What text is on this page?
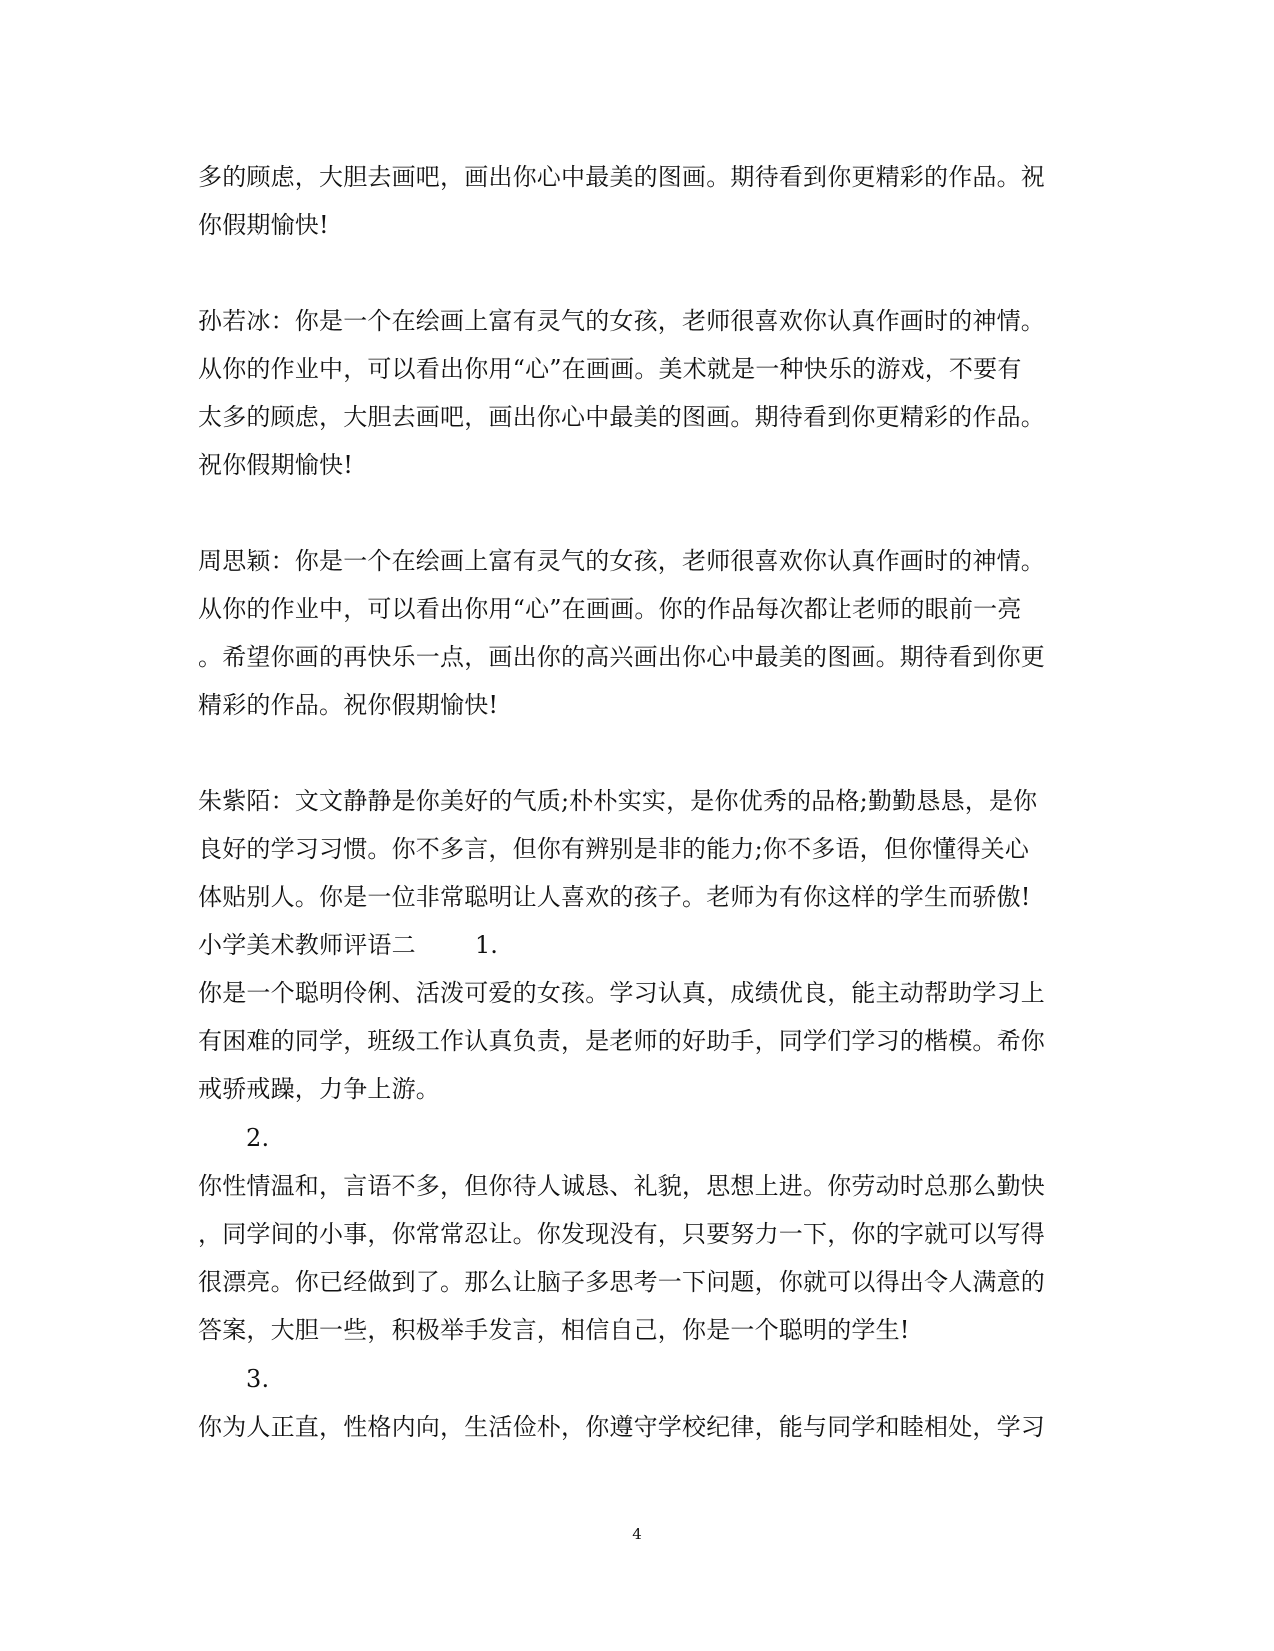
多的顾虑，大胆去画吧，画出你心中最美的图画。期待看到你更精彩的作品。祝
你假期愉快!
孙若冰：你是一个在绘画上富有灵气的女孩，老师很喜欢你认真作画时的神情。
从你的作业中，可以看出你用“心”在画画。美术就是一种快乐的游戏，不要有
太多的顾虑，大胆去画吧，画出你心中最美的图画。期待看到你更精彩的作品。
祝你假期愉快!
周思颖：你是一个在绘画上富有灵气的女孩，老师很喜欢你认真作画时的神情。
从你的作业中，可以看出你用“心”在画画。你的作品每次都让老师的眼前一亮
。希望你画的再快乐一点，画出你的高兴画出你心中最美的图画。期待看到你更
精彩的作品。祝你假期愉快!
朱紫陌：文文静静是你美好的气质;朴朴实实，是你优秀的品格;勤勤恳恳，是你
良好的学习习惯。你不多言，但你有辨别是非的能力;你不多语，但你懂得关心
体贴别人。你是一位非常聪明让人喜欢的孩子。老师为有你这样的学生而骄傲!
小学美术教师评语二	1.
你是一个聪明伶俐、活泼可爱的女孩。学习认真，成绩优良，能主动帮助学习上
有困难的同学，班级工作认真负责，是老师的好助手，同学们学习的楷模。希你
戒骄戒躁，力争上游。
2.
你性情温和，言语不多，但你待人诚恳、礼貌，思想上进。你劳动时总那么勤快
，同学间的小事，你常常忍让。你发现没有，只要努力一下，你的字就可以写得
很漂亮。你已经做到了。那么让脑子多思考一下问题，你就可以得出令人满意的
答案，大胆一些，积极举手发言，相信自己，你是一个聪明的学生!
3.
你为人正直，性格内向，生活俭朴，你遵守学校纪律，能与同学和睦相处，学习
4
